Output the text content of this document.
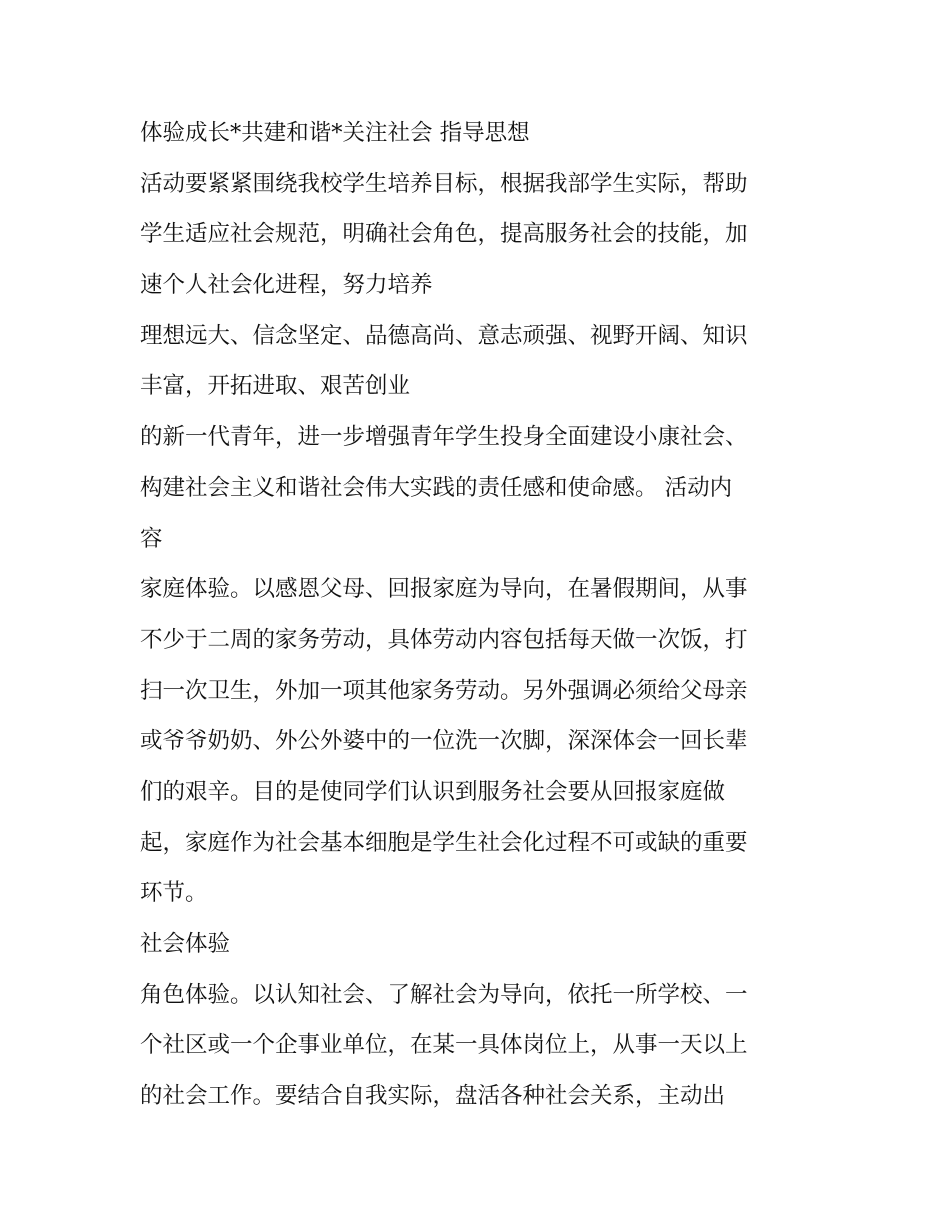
体验成长*共建和谐*关注社会 指导思想

活动要紧紧围绕我校学生培养目标，根据我部学生实际，帮助

学生适应社会规范，明确社会角色，提高服务社会的技能，加

速个人社会化进程，努力培养

理想远大、信念坚定、品德高尚、意志顽强、视野开阔、知识

丰富，开拓进取、艰苦创业

的新一代青年，进一步增强青年学生投身全面建设小康社会、

构建社会主义和谐社会伟大实践的责任感和使命感。 活动内

容

家庭体验。以感恩父母、回报家庭为导向，在暑假期间，从事

不少于二周的家务劳动，具体劳动内容包括每天做一次饭，打

扫一次卫生，外加一项其他家务劳动。另外强调必须给父母亲

或爷爷奶奶、外公外婆中的一位洗一次脚，深深体会一回长辈

们的艰辛。目的是使同学们认识到服务社会要从回报家庭做

起，家庭作为社会基本细胞是学生社会化过程不可或缺的重要

环节。

社会体验

角色体验。以认知社会、了解社会为导向，依托一所学校、一

个社区或一个企事业单位，在某一具体岗位上，从事一天以上

的社会工作。要结合自我实际，盘活各种社会关系，主动出
